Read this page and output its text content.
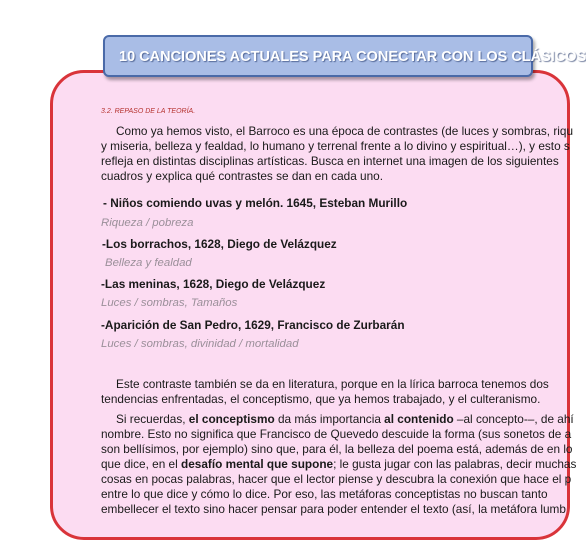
10 CANCIONES ACTUALES PARA CONECTAR CON LOS CLÁSICOS
3.2. REPASO DE LA TEORÍA.
Como ya hemos visto, el Barroco es una época de contrastes (de luces y sombras, riqu
y miseria, belleza y fealdad, lo humano y terrenal frente a lo divino y espiritual…), y esto s
refleja en distintas disciplinas artísticas. Busca en internet una imagen de los siguientes
cuadros y explica qué contrastes se dan en cada uno.
- Niños comiendo uvas y melón. 1645, Esteban Murillo
Riqueza / pobreza
-Los borrachos, 1628, Diego de Velázquez
Belleza y fealdad
-Las meninas, 1628, Diego de Velázquez
Luces / sombras, Tamaños
-Aparición de San Pedro, 1629, Francisco de Zurbarán
Luces / sombras, divinidad / mortalidad
Este contraste también se da en literatura, porque en la lírica barroca tenemos dos
tendencias enfrentadas, el conceptismo, que ya hemos trabajado, y el culteranismo.
Si recuerdas, el conceptismo da más importancia al contenido –al concepto-–, de ahí
nombre. Esto no significa que Francisco de Quevedo descuide la forma (sus sonetos de a
son bellísimos, por ejemplo) sino que, para él, la belleza del poema está, además de en lo
que dice, en el desafío mental que supone; le gusta jugar con las palabras, decir muchas
cosas en pocas palabras, hacer que el lector piense y descubra la conexión que hace el p
entre lo que dice y cómo lo dice. Por eso, las metáforas conceptistas no buscan tanto
embellecer el texto sino hacer pensar para poder entender el texto (así, la metáfora lumb
